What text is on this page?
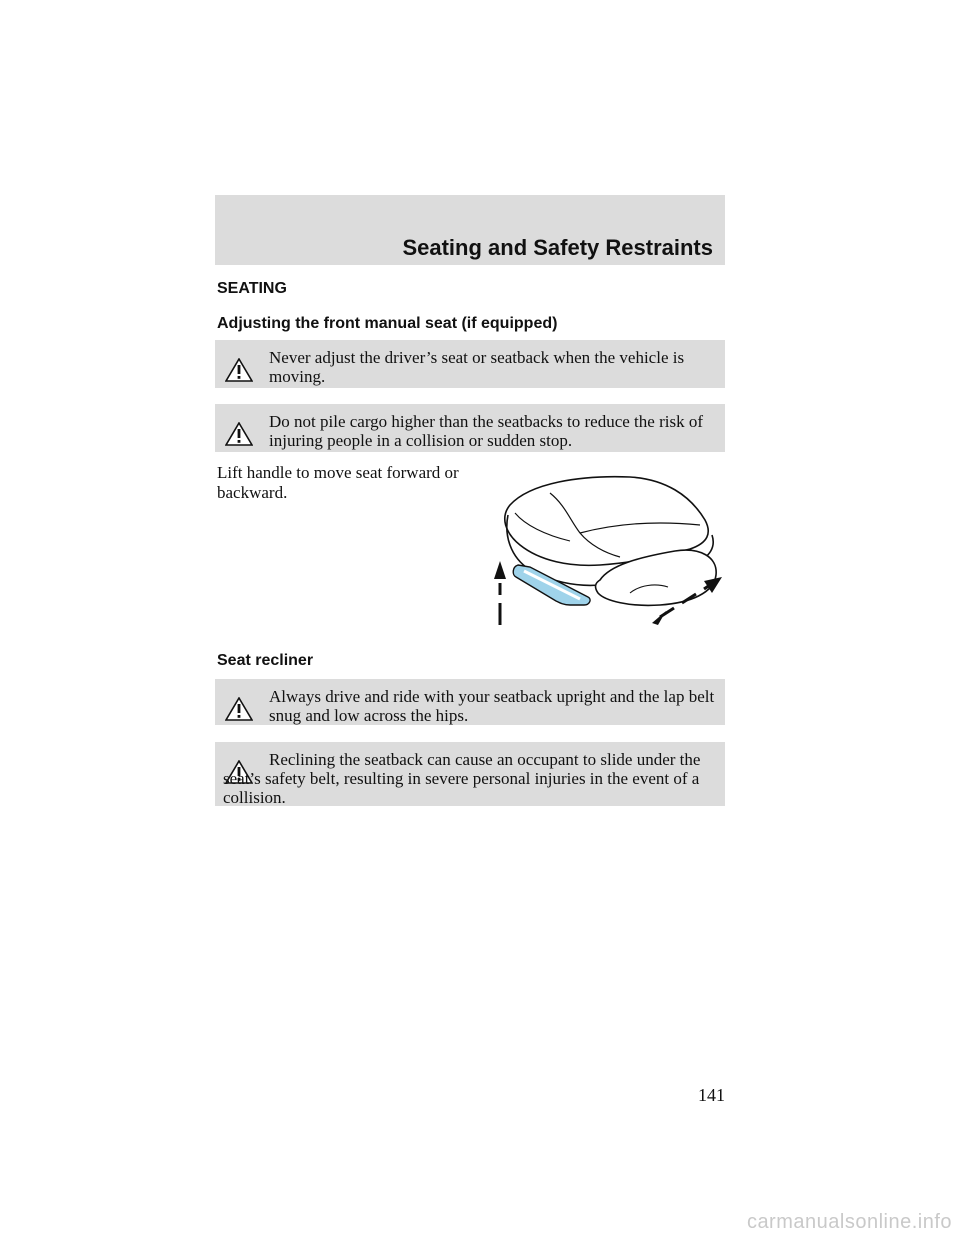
Seating and Safety Restraints
SEATING
Adjusting the front manual seat (if equipped)
Never adjust the driver’s seat or seatback when the vehicle is moving.
Do not pile cargo higher than the seatbacks to reduce the risk of injuring people in a collision or sudden stop.
Lift handle to move seat forward or backward.
Seat recliner
Always drive and ride with your seatback upright and the lap belt snug and low across the hips.
Reclining the seatback can cause an occupant to slide under the seat’s safety belt, resulting in severe personal injuries in the event of a collision.
141
carmanualsonline.info
